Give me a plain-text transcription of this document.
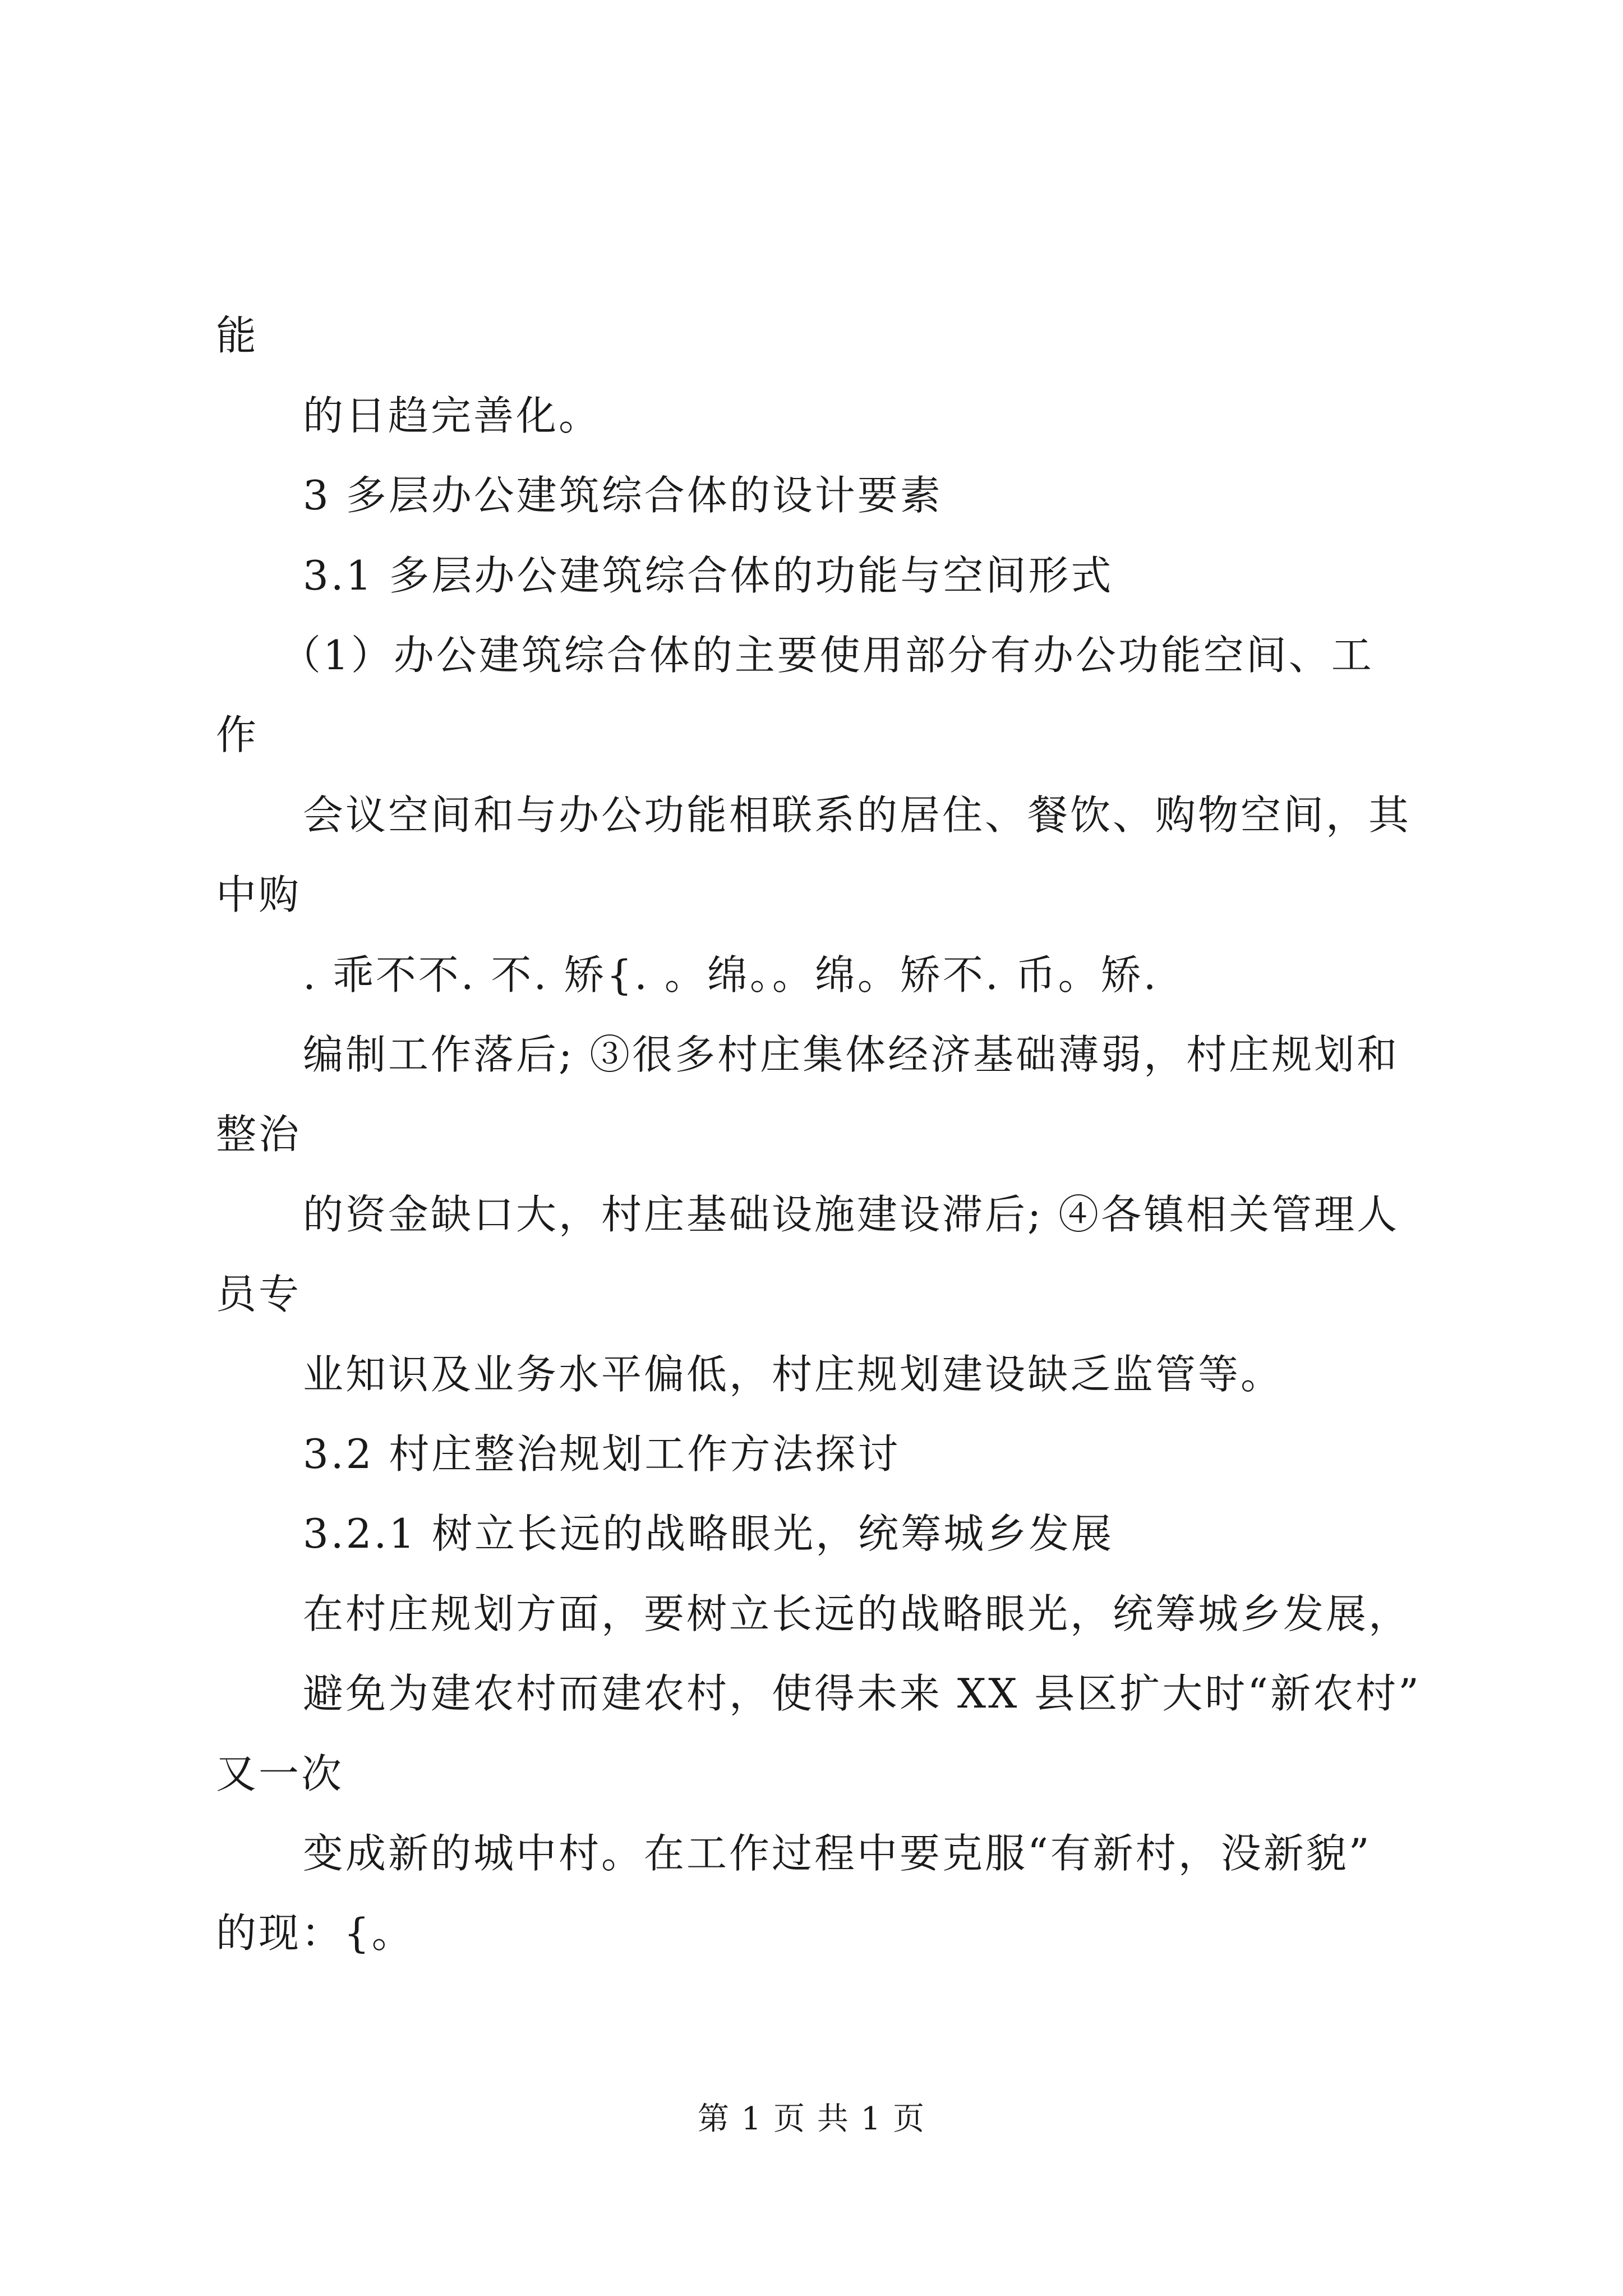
能
的日趋完善化。
3 多层办公建筑综合体的设计要素
3.1 多层办公建筑综合体的功能与空间形式
（1）办公建筑综合体的主要使用部分有办公功能空间、工
作
会议空间和与办公功能相联系的居住、餐饮、购物空间，其
中购
. 乖不不. 不. 矫{. 。绵。。绵。矫不. 币。矫.
编制工作落后; ③很多村庄集体经济基础薄弱，村庄规划和
整治
的资金缺口大，村庄基础设施建设滞后; ④各镇相关管理人
员专
业知识及业务水平偏低，村庄规划建设缺乏监管等。
3.2 村庄整治规划工作方法探讨
3.2.1 树立长远的战略眼光，统筹城乡发展
在村庄规划方面，要树立长远的战略眼光，统筹城乡发展，
避免为建农村而建农村，使得未来 XX 县区扩大时“新农村”
又一次
变成新的城中村。在工作过程中要克服“有新村，没新貌”
的现：{。
第 1 页 共 1 页
